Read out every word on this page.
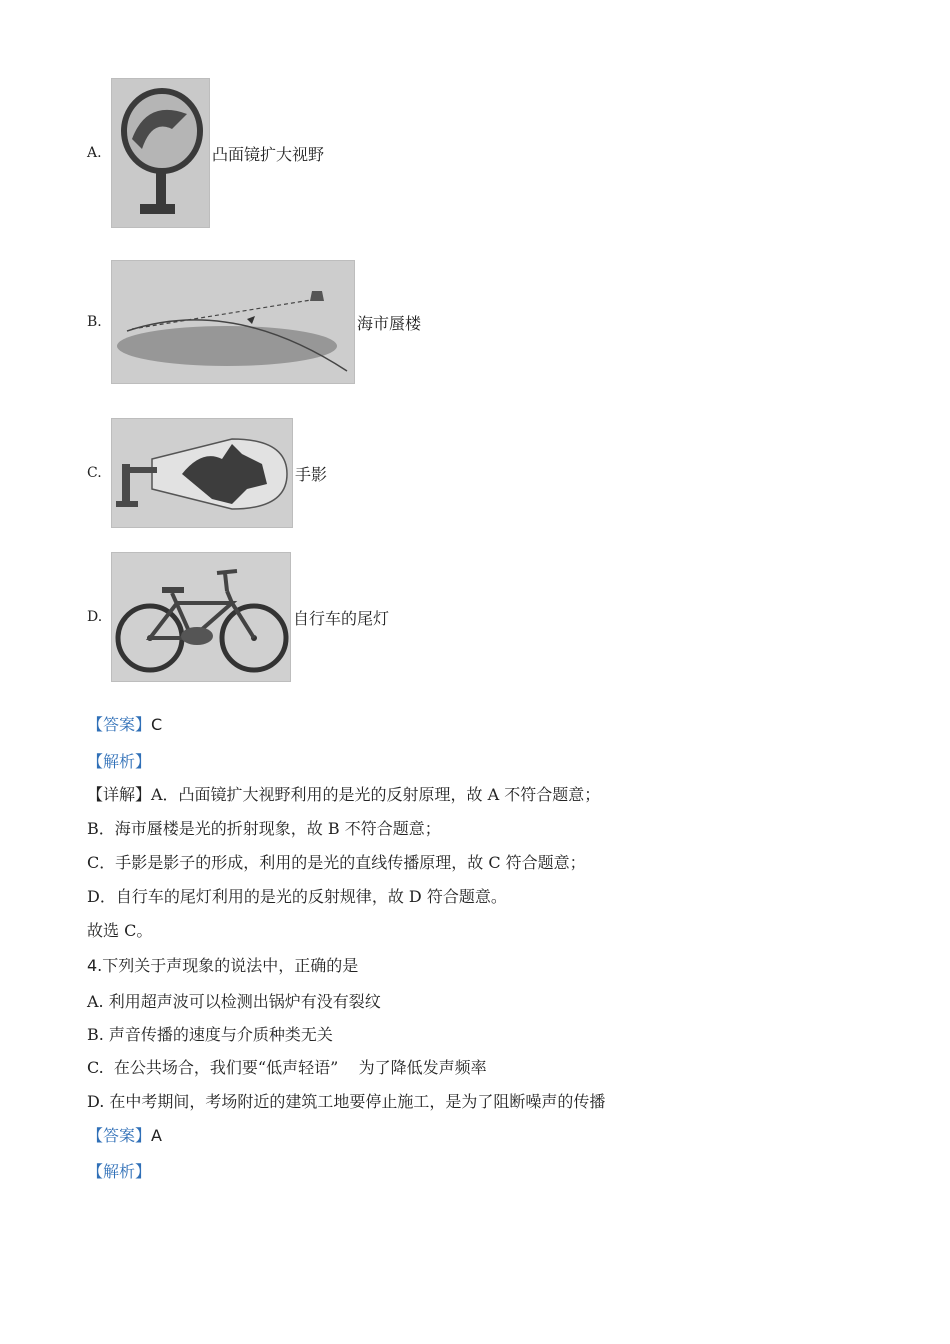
A.	凸面镜扩大视野
B.	海市蜃楼
C.	手影
D.	自行车的尾灯
【答案】C
【解析】
【详解】A．凸面镜扩大视野利用的是光的反射原理，故 A 不符合题意；
B．海市蜃楼是光的折射现象，故 B 不符合题意；
C．手影是影子的形成，利用的是光的直线传播原理，故 C 符合题意；
D．自行车的尾灯利用的是光的反射规律，故 D 符合题意。
故选 C。
4.下列关于声现象的说法中，正确的是
A. 利用超声波可以检测出锅炉有没有裂纹
B. 声音传播的速度与介质种类无关
C.  在公共场合，我们要“低声轻语”    为了降低发声频率
D. 在中考期间，考场附近的建筑工地要停止施工，是为了阻断噪声的传播
【答案】A
【解析】
